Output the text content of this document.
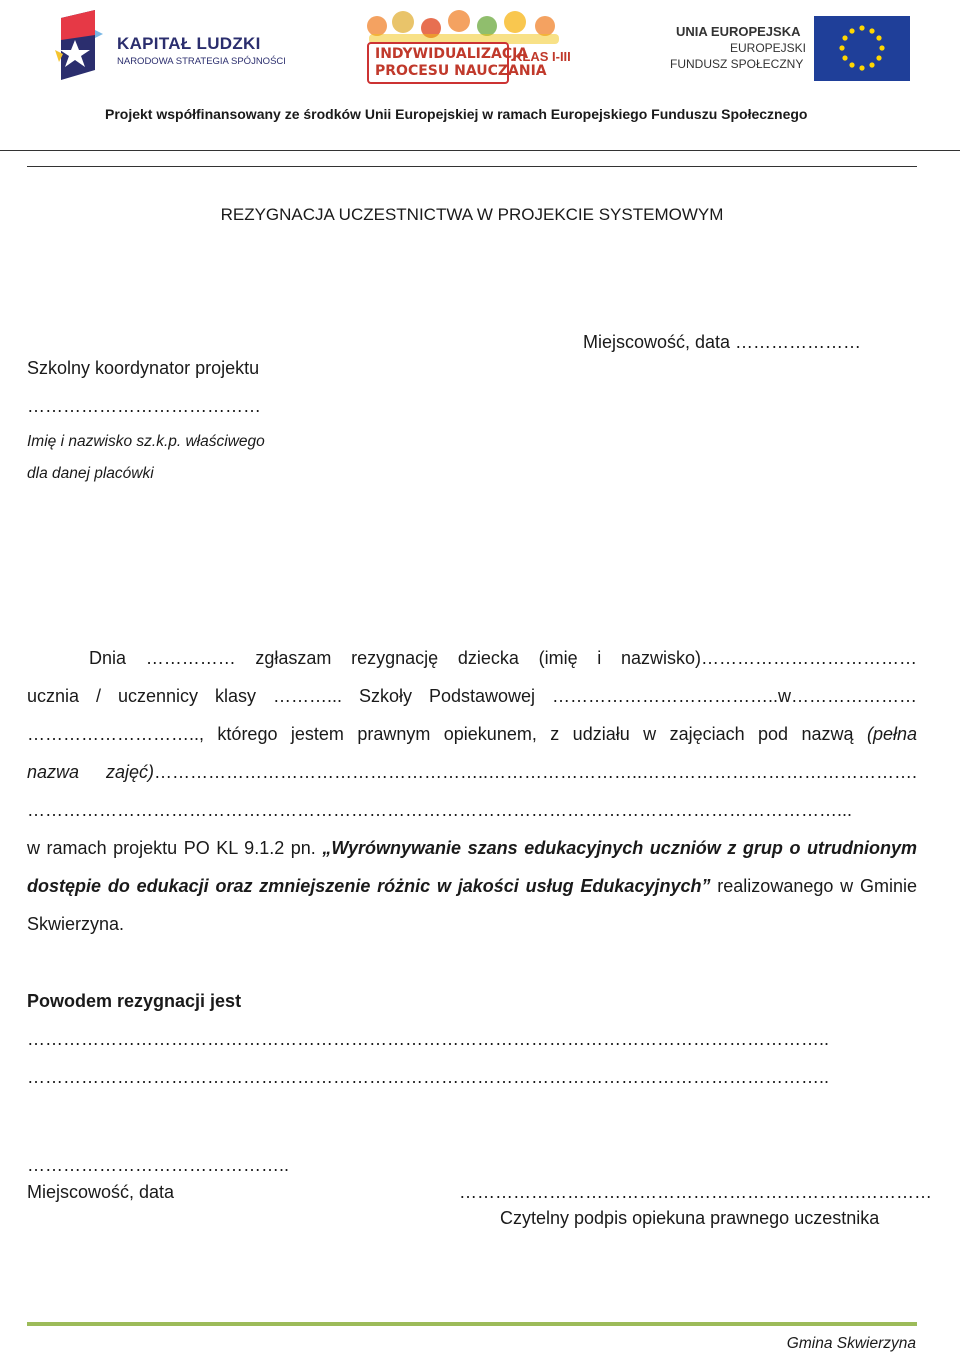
KAPITAŁ LUDZKI
NARODOWA STRATEGIA SPÓJNOŚCI	INDYWIDUALIZACJA
PROCESU NAUCZANIA
KLAS I-III
UNIA EUROPEJSKA
EUROPEJSKI
FUNDUSZ SPOŁECZNY
Projekt współfinansowany ze środków Unii Europejskiej w ramach Europejskiego Funduszu Społecznego
REZYGNACJA UCZESTNICTWA W PROJEKCIE SYSTEMOWYM
Miejscowość, data …………………
Szkolny koordynator projektu
…………………………………
Imię i nazwisko sz.k.p. właściwego
dla danej placówki
Dnia …………… zgłaszam rezygnację dziecka (imię i nazwisko)………………………………
ucznia / uczennicy klasy ………... Szkoły Podstawowej ………………………………..w…………………
……………………….., którego jestem prawnym opiekunem, z udziału w zajęciach pod nazwą (pełna
nazwa zajęć)………………………………………………..……………………..……………………………………….
………………………………………………………………………………………………………………………...
w ramach projektu PO KL 9.1.2 pn. „Wyrównywanie szans edukacyjnych uczniów z grup o utrudnionym
dostępie do edukacji oraz zmniejszenie różnic w jakości usług Edukacyjnych” realizowanego w Gminie
Skwierzyna.
Powodem rezygnacji jest
……………………………………………………………………………………………………………………..
……………………………………………………………………………………………………………………..
……………………………………..
Miejscowość, data	………………………………………………………….…………
Czytelny podpis opiekuna prawnego uczestnika
Gmina Skwierzyna
